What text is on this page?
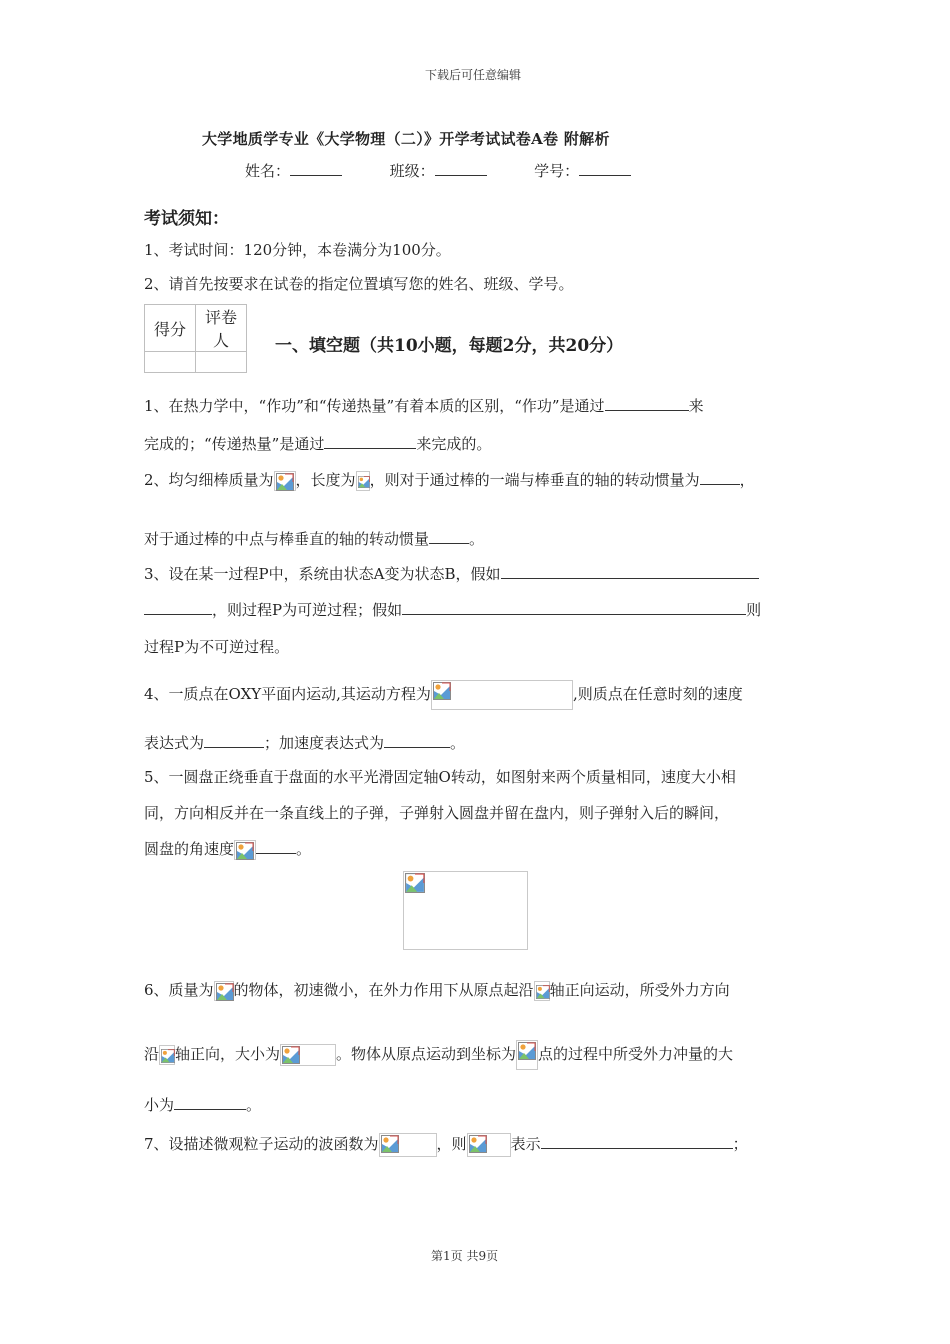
下载后可任意编辑
大学地质学专业《大学物理（二）》开学考试试卷A卷 附解析
姓名：	班级：	学号：
考试须知：
1、考试时间：120分钟，本卷满分为100分。
2、请首先按要求在试卷的指定位置填写您的姓名、班级、学号。
得分	评卷人
		一、填空题（共10小题，每题2分，共20分）
1、在热力学中，“作功”和“传递热量”有着本质的区别，“作功”是通过	来
完成的；“传递热量”是通过	来完成的。
2、均匀细棒质量为 ，长度为 ，则对于通过棒的一端与棒垂直的轴的转动惯量为	，
对于通过棒的中点与棒垂直的轴的转动惯量	。
3、设在某一过程P中，系统由状态A变为状态B，假如
，则过程P为可逆过程；假如	则
过程P为不可逆过程。
4、一质点在OXY平面内运动,其运动方程为	,则质点在任意时刻的速度
表达式为	；加速度表达式为	。
5、一圆盘正绕垂直于盘面的水平光滑固定轴O转动，如图射来两个质量相同，速度大小相
同，方向相反并在一条直线上的子弹，子弹射入圆盘并留在盘内，则子弹射入后的瞬间，
圆盘的角速度	。
6、质量为 的物体，初速微小，在外力作用下从原点起沿 轴正向运动，所受外力方向
沿 轴正向，大小为	。物体从原点运动到坐标为 点的过程中所受外力冲量的大
小为	。
7、设描述微观粒子运动的波函数为	，则	表示	；
第1页 共9页
